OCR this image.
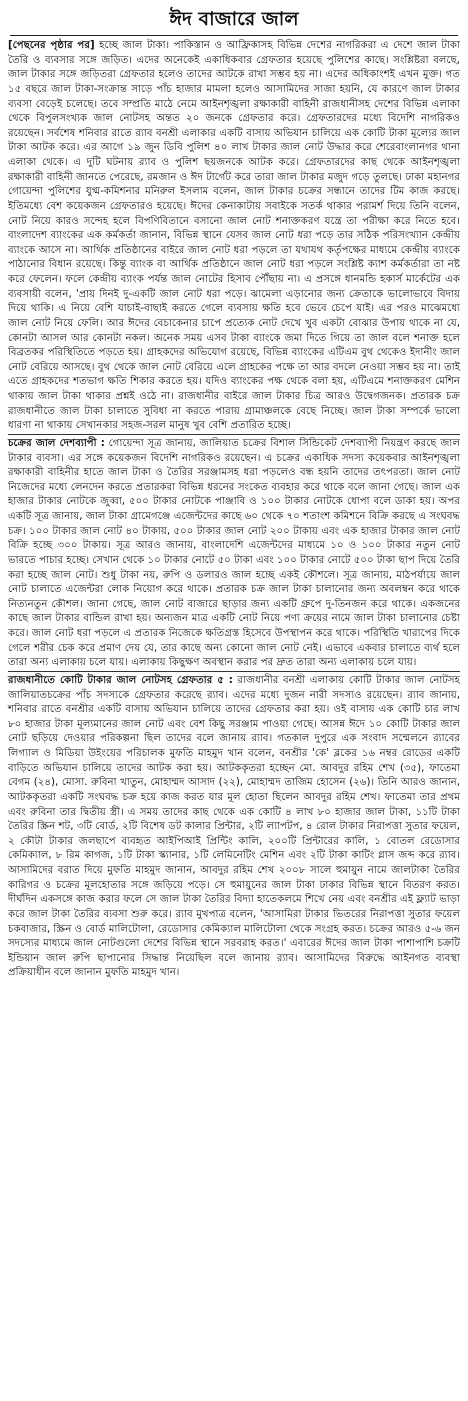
ঈদ বাজারে জাল

[পেছনের পৃষ্ঠার পর] হচ্ছে জাল টাকা। পাকিস্তান ও আফ্রিকাসহ বিভিন্ন দেশের নাগরিকরা এ দেশে জাল টাকা তৈরি ও ব্যবসার সঙ্গে জড়িত। এদের অনেকেই একাধিকবার গ্রেফতার হয়েছে পুলিশের কাছে। সংশ্লিষ্টরা বলছে, জাল টাকার সঙ্গে জড়িতরা গ্রেফতার হলেও তাদের আটকে রাখা সম্ভব হয় না। এদের অধিকাংশই এখন মুক্ত। গত ১৫ বছরে জাল টাকা-সংক্রান্ত সাড়ে পাঁচ হাজার মামলা হলেও আসামিদের সাজা হয়নি, যে কারণে জাল টাকার ব্যবসা বেড়েই চলেছে। তবে সম্প্রতি মাঠে নেমে আইনশৃঙ্খলা রক্ষাকারী বাহিনী রাজধানীসহ দেশের বিভিন্ন এলাকা থেকে বিপুলসংখ্যক জাল নোটসহ অন্তত ২০ জনকে গ্রেফতার করে। গ্রেফতারদের মধ্যে বিদেশি নাগরিকও রয়েছেন। সর্বশেষ শনিবার রাতে র‌্যাব বনশ্রী এলাকার একটি বাসায় অভিযান চালিয়ে এক কোটি টাকা মূল্যের জাল টাকা আটক করে। এর আগে ১৯ জুন ডিবি পুলিশ ৪০ লাখ টাকার জাল নোট উদ্ধার করে শেরেবাংলানগর থানা এলাকা থেকে। এ দুটি ঘটনায় র‌্যাব ও পুলিশ ছয়জনকে আটক করে। গ্রেফতারদের কাছ থেকে আইনশৃঙ্খলা রক্ষাকারী বাহিনী জানতে পেরেছে, রমজান ও ঈদ টার্গেট করে তারা জাল টাকার মজুদ গড়ে তুলছে। ঢাকা মহানগর গোয়েন্দা পুলিশের যুগ্ম-কমিশনার মনিরুল ইসলাম বলেন, জাল টাকার চক্রের সন্ধানে তাদের টিম কাজ করছে। ইতিমধ্যে বেশ কয়েকজন গ্রেফতারও হয়েছে। ঈদের কেনাকাটায় সবাইকে সতর্ক থাকার পরামর্শ দিয়ে তিনি বলেন, নোট নিয়ে কারও সন্দেহ হলে বিপণিবিতানে বসানো জাল নোট শনাক্তকরণ যন্ত্রে তা পরীক্ষা করে নিতে হবে। বাংলাদেশ ব্যাংকের এক কর্মকর্তা জানান, বিভিন্ন স্থানে যেসব জাল নোট ধরা পড়ে তার সঠিক পরিসংখ্যান কেন্দ্রীয় ব্যাংকে আসে না। আর্থিক প্রতিষ্ঠানের বাইরে জাল নোট ধরা পড়লে তা যথাযথ কর্তৃপক্ষের মাধ্যমে কেন্দ্রীয় ব্যাংকে পাঠানোর বিধান রয়েছে। কিন্তু ব্যাংক বা আর্থিক প্রতিষ্ঠানে জাল নোট ধরা পড়লে সংশ্লিষ্ট ক্যাশ কর্মকর্তারা তা নষ্ট করে ফেলেন। ফলে কেন্দ্রীয় ব্যাংক পর্যন্ত জাল নোটের হিসাব পৌঁছায় না। এ প্রসঙ্গে ধানমন্ডি হকার্স মার্কেটের এক ব্যবসায়ী বলেন, 'প্রায় দিনই দু-একটি জাল নোট ধরা পড়ে। ঝামেলা এড়ানোর জন্য ক্রেতাকে ভালোভাবে বিদায় দিয়ে থাকি। এ নিয়ে বেশি যাচাই-বাছাই করতে গেলে ব্যবসায় ক্ষতি হবে ভেবে চেপে যাই। এর পরও মাঝেমধ্যে জাল নোট নিয়ে ফেলি। আর ঈদের বেচাকেনার চাপে প্রত্যেক নোট দেখে খুব একটা বোঝার উপায় থাকে না যে, কোনটা আসল আর কোনটা নকল। অনেক সময় এসব টাকা ব্যাংকে জমা দিতে গিয়ে তা জাল বলে শনাক্ত হলে বিব্রতকর পরিস্থিতিতে পড়তে হয়। গ্রাহকদের অভিযোগ রয়েছে, বিভিন্ন ব্যাংকের এটিএম বুথ থেকেও ইদানীং জাল নোট বেরিয়ে আসছে। বুথ থেকে জাল নোট বেরিয়ে এলে গ্রাহকের পক্ষে তা আর বদলে নেওয়া সম্ভব হয় না। তাই এতে গ্রাহকদের শতভাগ ক্ষতি শিকার করতে হয়। যদিও ব্যাংকের পক্ষ থেকে বলা হয়, এটিএমে শনাক্তকরণ মেশিন থাকায় জাল টাকা থাকার প্রশ্নই ওঠে না। রাজধানীর বাইরে জাল টাকার চিত্র আরও উদ্বেগজনক। প্রতারক চক্র রাজধানীতে জাল টাকা চালাতে সুবিধা না করতে পারায় গ্রামাঞ্চলকে বেছে নিচ্ছে। জাল টাকা সম্পর্কে ভালো ধারণা না থাকায় সেখানকার সহজ-সরল মানুষ খুব বেশি প্রতারিত হচ্ছে।

চক্রের জাল দেশব্যাপী : গোয়েন্দা সূত্র জানায়, জালিয়াত চক্রের বিশাল সিন্ডিকেট দেশব্যাপী নিয়ন্ত্রণ করছে জাল টাকার ব্যবসা। এর সঙ্গে কয়েকজন বিদেশি নাগরিকও রয়েছেন। এ চক্রের একাধিক সদস্য কয়েকবার আইনশৃঙ্খলা রক্ষাকারী বাহিনীর হাতে জাল টাকা ও তৈরির সরঞ্জামসহ ধরা পড়লেও বন্ধ হয়নি তাদের তৎপরতা। জাল নোট নিজেদের মধ্যে লেনদেন করতে প্রতারকরা বিভিন্ন ধরনের সংকেত ব্যবহার করে থাকে বলে জানা গেছে। জাল এক হাজার টাকার নোটকে জুব্বা, ৫০০ টাকার নোটকে পাঞ্জাবি ও ১০০ টাকার নোটকে ধোপা বলে ডাকা হয়। অপর একটি সূত্র জানায়, জাল টাকা গ্রামেগঞ্জে এজেন্টদের কাছে ৬০ থেকে ৭০ শতাংশ কমিশনে বিক্রি করছে এ সংঘবদ্ধ চক্র। ১০০ টাকার জাল নোট ৪০ টাকায়, ৫০০ টাকার জাল নোট ২০০ টাকায় এবং এক হাজার টাকার জাল নোট বিক্রি হচ্ছে ৩০০ টাকায়। সূত্র আরও জানায়, বাংলাদেশি এজেন্টদের মাধ্যমে ১০ ও ১০০ টাকার নতুন নোট ভারতে পাচার হচ্ছে। সেখান থেকে ১০ টাকার নোটে ৫০ টাকা এবং ১০০ টাকার নোটে ৫০০ টাকা ছাপ দিয়ে তৈরি করা হচ্ছে জাল নোট। শুধু টাকা নয়, রুপি ও ডলারও জাল হচ্ছে একই কৌশলে। সূত্র জানায়, মাঠপর্যায়ে জাল নোট চালাতে এজেন্টরা লোক নিয়োগ করে থাকে। প্রতারক চক্র জাল টাকা চালানোর জন্য অবলম্বন করে থাকে নিত্যনতুন কৌশল। জানা গেছে, জাল নোট বাজারে ছাড়ার জন্য একটি গ্রুপে দু-তিনজন করে থাকে। একজনের কাছে জাল টাকার বান্ডিল রাখা হয়। অন্যজন মাত্র একটি নোট নিয়ে পণ্য ক্রয়ের নামে জাল টাকা চালানোর চেষ্টা করে। জাল নোট ধরা পড়লে এ প্রতারক নিজেকে ক্ষতিগ্রস্ত হিসেবে উপস্থাপন করে থাকে। পরিস্থিতি খারাপের দিকে গেলে শরীর চেক করে প্রমাণ দেয় যে, তার কাছে অন্য কোনো জাল নোট নেই। এভাবে একবার চালাতে ব্যর্থ হলে তারা অন্য এলাকায় চলে যায়। এলাকায় কিছুক্ষণ অবস্থান করার পর দ্রুত তারা অন্য এলাকায় চলে যায়।

রাজধানীতে কোটি টাকার জাল নোটসহ গ্রেফতার ৫ : রাজধানীর বনশ্রী এলাকায় কোটি টাকার জাল নোটসহ জালিয়াতচক্রের পাঁচ সদস্যকে গ্রেফতার করেছে র‌্যাব। এদের মধ্যে দুজন নারী সদস্যও রয়েছেন। র‌্যাব জানায়, শনিবার রাতে বনশ্রীর একটি বাসায় অভিযান চালিয়ে তাদের গ্রেফতার করা হয়। ওই বাসায় এক কোটি চার লাখ ৮০ হাজার টাকা মূল্যমানের জাল নোট এবং বেশ কিছু সরঞ্জাম পাওয়া গেছে। আসন্ন ঈদে ১০ কোটি টাকার জাল নোট ছড়িয়ে দেওয়ার পরিকল্পনা ছিল তাদের বলে জানায় র‌্যাব। গতকাল দুপুরে এক সংবাদ সম্মেলনে র‌্যাবের লিগ্যাল ও মিডিয়া উইংয়ের পরিচালক মুফতি মাহমুদ খান বলেন, বনশ্রীর 'কে' ব্লকের ১৬ নম্বর রোডের একটি বাড়িতে অভিযান চালিয়ে তাদের আটক করা হয়। আটককৃতরা হচ্ছেন মো. আবদুর রহিম শেখ (৩৫), ফাতেমা বেগম (২৪), মোসা. রুবিনা খাতুন, মোহাম্মদ আসাদ (২২), মোহাম্মদ তাজিম হোসেন (২৬)। তিনি আরও জানান, আটককৃতরা একটি সংঘবদ্ধ চক্র হয়ে কাজ করত যার মূল হোতা ছিলেন আবদুর রহিম শেখ। ফাতেমা তার প্রথম এবং রুবিনা তার দ্বিতীয় স্ত্রী। এ সময় তাদের কাছ থেকে এক কোটি ৪ লাখ ৮০ হাজার জাল টাকা, ১১টি টাকা তৈরির স্ক্রিন শট, ৩টি বোর্ড, ২টি বিশেষ ডট কালার প্রিন্টার, ২টি ল্যাপটপ, ৪ রোল টাকার নিরাপত্তা সুতার ফয়েল, ২ কৌটা টাকার জলছাপে ব্যবহৃত আইপিআই প্রিন্টিং কালি, ২০০টি প্রিন্টারের কালি, ১ বোতল রেডোসার কেমিক্যাল, ৮ রিম কাগজ, ১টি টাকা স্ক্যানার, ১টি লেমিনেটিং মেশিন এবং ২টি টাকা কাটিং গ্লাস জব্দ করে র‌্যাব। আসামিদের বরাত দিয়ে মুফতি মাহমুদ জানান, আবদুর রহিম শেখ ২০০৮ সালে হুমায়ুন নামে জালটাকা তৈরির কারিগর ও চক্রের মূলহোতার সঙ্গে জড়িয়ে পড়ে। সে হুমায়ুনের জাল টাকা ঢাকার বিভিন্ন স্থানে বিতরণ করত। দীর্ঘদিন একসঙ্গে কাজ করার ফলে সে জাল টাকা তৈরির বিদ্যা হাতেকলমে শিখে নেয় এবং বনশ্রীর এই ফ্ল্যাট ভাড়া করে জাল টাকা তৈরির ব্যবসা শুরু করে। র‌্যাব মুখপাত্র বলেন, 'আসামিরা টাকার ভিতরের নিরাপত্তা সুতার ফয়েল চকবাজার, স্ক্রিন ও বোর্ড মালিটোলা, রেডোসার কেমিক্যাল মালিটোলা থেকে সংগ্রহ করত। চক্রের আরও ৫-৬ জন সদস্যের মাধ্যমে জাল নোটগুলো দেশের বিভিন্ন স্থানে সরবরাহ করত।' এবারের ঈদের জাল টাকা পাশাপাশি চক্রটি ইন্ডিয়ান জাল রুপি ছাপানোর সিদ্ধান্ত নিয়েছিল বলে জানায় র‌্যাব। আসামিদের বিরুদ্ধে আইনগত ব্যবস্থা প্রক্রিয়াধীন বলে জানান মুফতি মাহমুদ খান।
